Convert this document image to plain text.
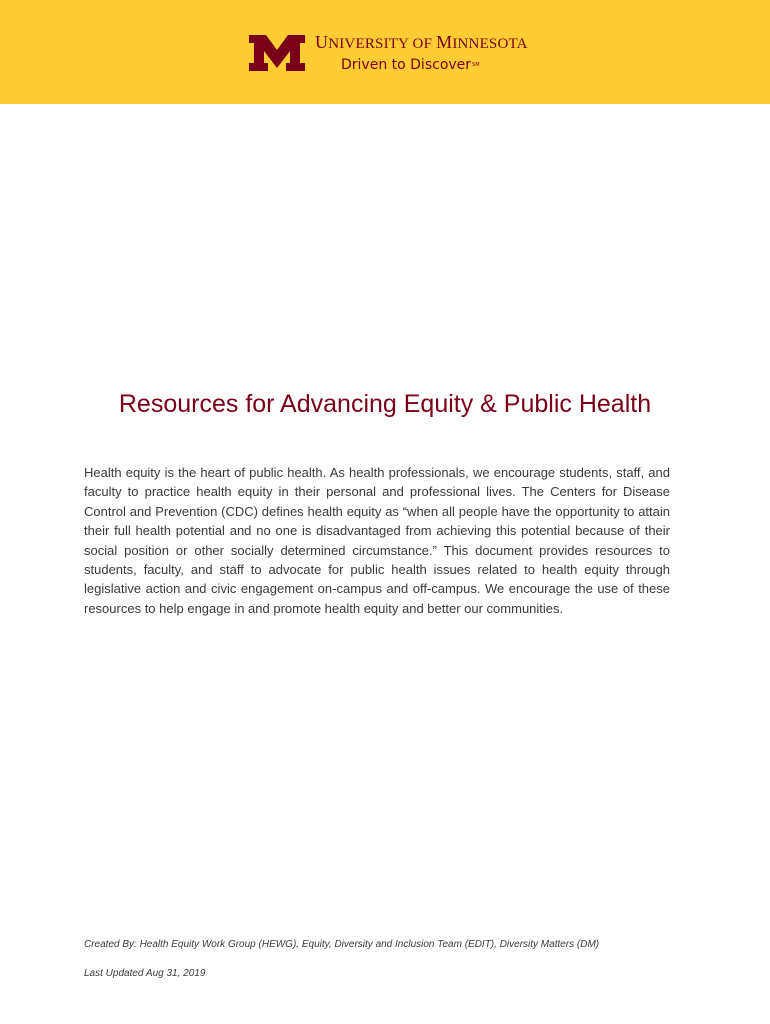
UNIVERSITY OF MINNESOTA
Driven to Discover℠
Resources for Advancing Equity & Public Health

Health equity is the heart of public health. As health professionals, we encourage students, staff, and faculty to practice health equity in their personal and professional lives. The Centers for Disease Control and Prevention (CDC) defines health equity as “when all people have the opportunity to attain their full health potential and no one is disadvantaged from achieving this potential because of their social position or other socially determined circumstance.” This document provides resources to students, faculty, and staff to advocate for public health issues related to health equity through legislative action and civic engagement on-campus and off-campus. We encourage the use of these resources to help engage in and promote health equity and better our communities.

Created By: Health Equity Work Group (HEWG), Equity, Diversity and Inclusion Team (EDIT), Diversity Matters (DM)

Last Updated Aug 31, 2019
